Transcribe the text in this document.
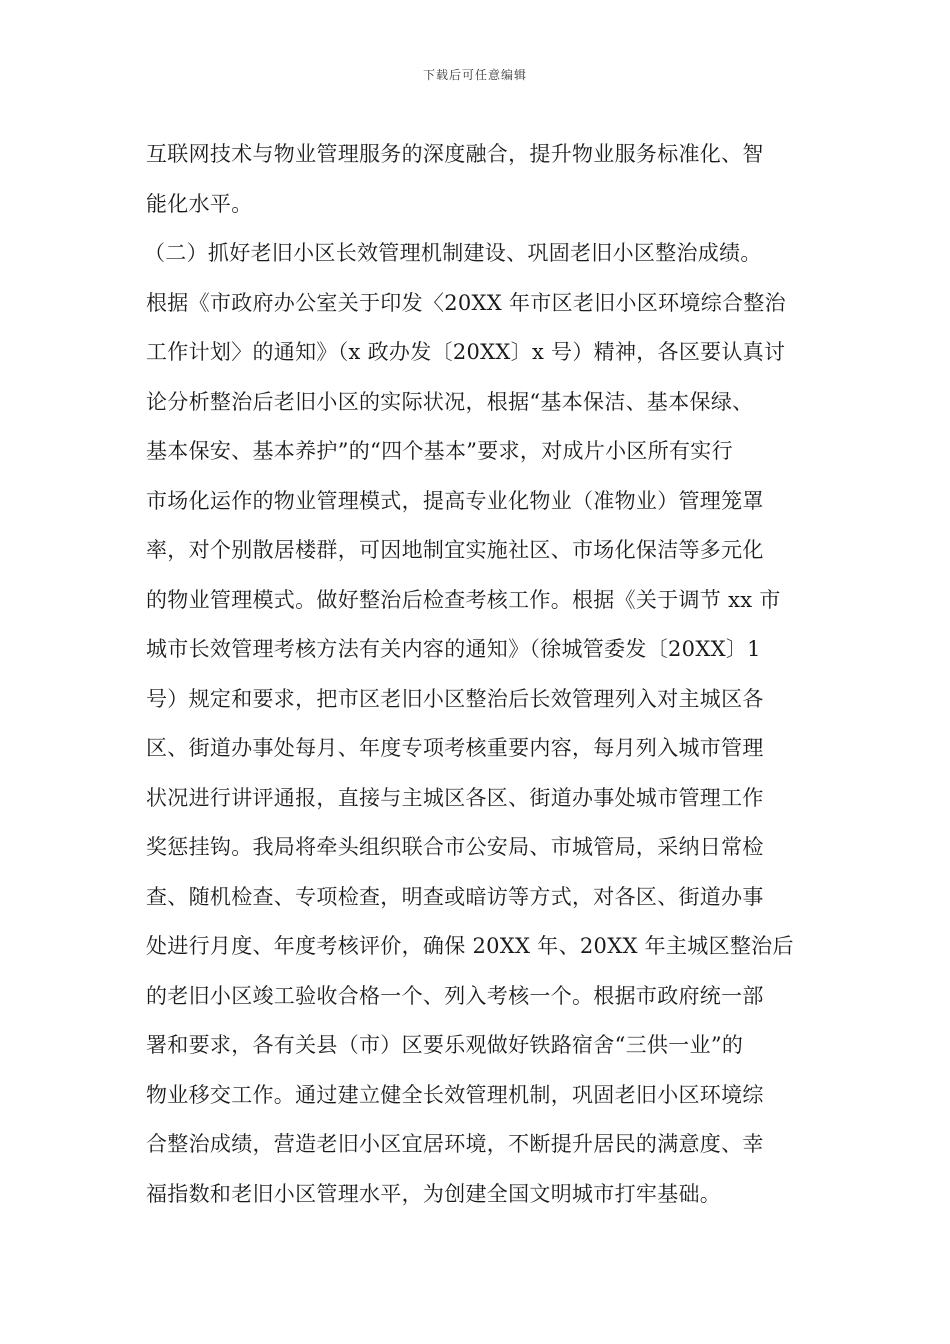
下载后可任意编辑
互联网技术与物业管理服务的深度融合，提升物业服务标准化、智
能化水平。
（二）抓好老旧小区长效管理机制建设、巩固老旧小区整治成绩。
根据《市政府办公室关于印发〈20XX 年市区老旧小区环境综合整治
工作计划〉的通知》（x 政办发〔20XX〕x 号）精神，各区要认真讨
论分析整治后老旧小区的实际状况，根据“基本保洁、基本保绿、
基本保安、基本养护”的“四个基本”要求，对成片小区所有实行
市场化运作的物业管理模式，提高专业化物业（准物业）管理笼罩
率，对个别散居楼群，可因地制宜实施社区、市场化保洁等多元化
的物业管理模式。做好整治后检查考核工作。根据《关于调节 xx 市
城市长效管理考核方法有关内容的通知》（徐城管委发〔20XX〕1
号）规定和要求，把市区老旧小区整治后长效管理列入对主城区各
区、街道办事处每月、年度专项考核重要内容，每月列入城市管理
状况进行讲评通报，直接与主城区各区、街道办事处城市管理工作
奖惩挂钩。我局将牵头组织联合市公安局、市城管局，采纳日常检
查、随机检查、专项检查，明查或暗访等方式，对各区、街道办事
处进行月度、年度考核评价，确保 20XX 年、20XX 年主城区整治后
的老旧小区竣工验收合格一个、列入考核一个。根据市政府统一部
署和要求，各有关县（市）区要乐观做好铁路宿舍“三供一业”的
物业移交工作。通过建立健全长效管理机制，巩固老旧小区环境综
合整治成绩，营造老旧小区宜居环境，不断提升居民的满意度、幸
福指数和老旧小区管理水平，为创建全国文明城市打牢基础。
